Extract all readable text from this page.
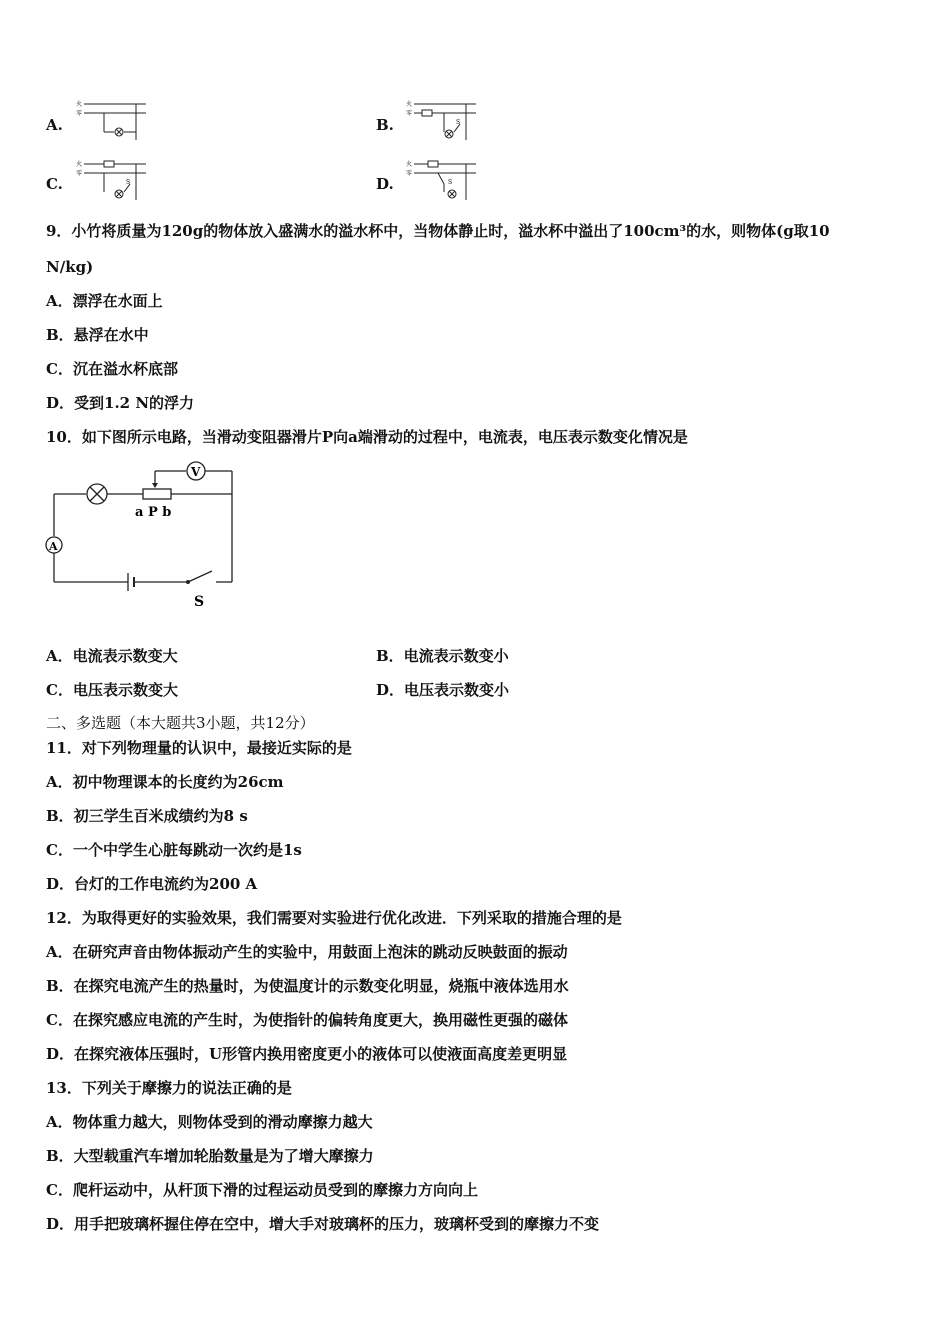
A.
火
零
B.
火
零
S
C.
火
零
S	D.
火
零
S
9．小竹将质量为120g的物体放入盛满水的溢水杯中，当物体静止时，溢水杯中溢出了100cm³的水，则物体(g取10
N/kg)
A．漂浮在水面上
B．悬浮在水中
C．沉在溢水杯底部
D．受到1.2 N的浮力
10．如下图所示电路，当滑动变阻器滑片P向a端滑动的过程中，电流表，电压表示数变化情况是
V
a P b
A
S
A．电流表示数变大	B．电流表示数变小
C．电压表示数变大	D．电压表示数变小
二、多选题（本大题共3小题，共12分）
11．对下列物理量的认识中，最接近实际的是
A．初中物理课本的长度约为26cm
B．初三学生百米成绩约为8 s
C．一个中学生心脏每跳动一次约是1s
D．台灯的工作电流约为200 A
12．为取得更好的实验效果，我们需要对实验进行优化改进．下列采取的措施合理的是
A．在研究声音由物体振动产生的实验中，用鼓面上泡沫的跳动反映鼓面的振动
B．在探究电流产生的热量时，为使温度计的示数变化明显，烧瓶中液体选用水
C．在探究感应电流的产生时，为使指针的偏转角度更大，换用磁性更强的磁体
D．在探究液体压强时，U形管内换用密度更小的液体可以使液面高度差更明显
13．下列关于摩擦力的说法正确的是
A．物体重力越大，则物体受到的滑动摩擦力越大
B．大型载重汽车增加轮胎数量是为了增大摩擦力
C．爬杆运动中，从杆顶下滑的过程运动员受到的摩擦力方向向上
D．用手把玻璃杯握住停在空中，增大手对玻璃杯的压力，玻璃杯受到的摩擦力不变
